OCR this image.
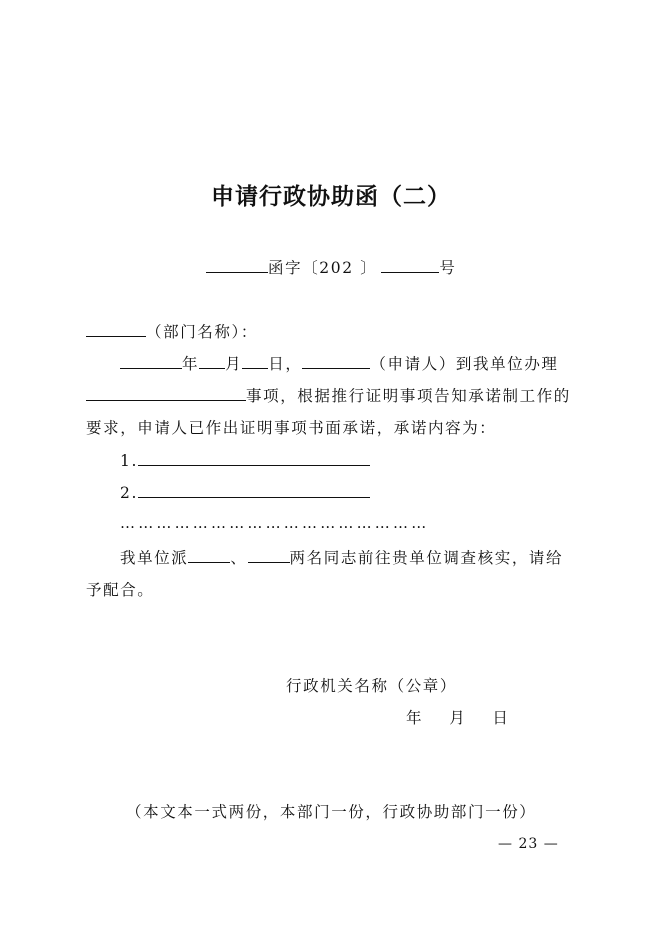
申请行政协助函（二）
函字〔202 〕	号
（部门名称）：
年 月 日，	（申请人）到我单位办理
事项，根据推行证明事项告知承诺制工作的
要求，申请人已作出证明事项书面承诺，承诺内容为：
1.
2.
……………………………………………
我单位派	、	两名同志前往贵单位调查核实，请给
予配合。
行政机关名称（公章）
年    月    日
（本文本一式两份，本部门一份，行政协助部门一份）
— 23 —
